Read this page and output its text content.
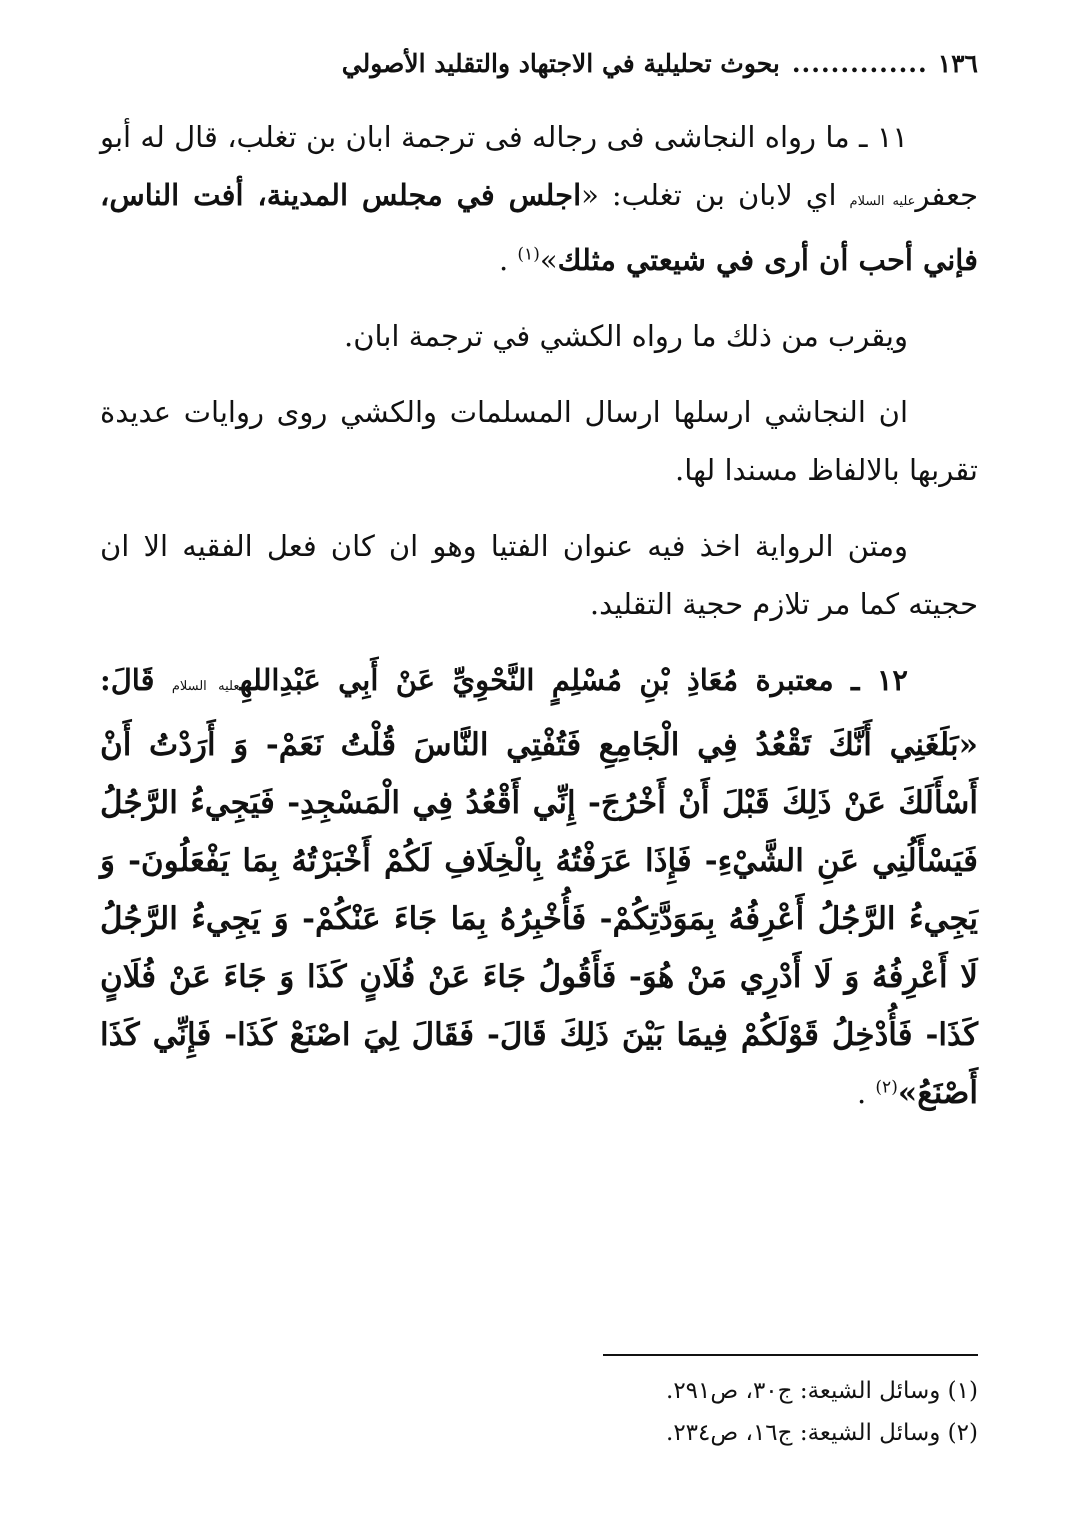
١٣٦
..............
بحوث تحليلية في الاجتهاد والتقليد الأصولي

١١ ـ ما رواه النجاشى فى رجاله فى ترجمة ابان بن تغلب، قال له أبو جعفرعليه السلام اي لابان بن تغلب: «اجلس في مجلس المدينة، أفت الناس، فإني أحب أن أرى في شيعتي مثلك»$^{(١)}$ .

ويقرب من ذلك ما رواه الكشي في ترجمة ابان.

ان النجاشي ارسلها ارسال المسلمات والكشي روى روايات عديدة تقربها بالالفاظ مسندا لها.

ومتن الرواية اخذ فيه عنوان الفتيا وهو ان كان فعل الفقيه الا ان حجيته كما مر تلازم حجية التقليد.

١٢ ـ معتبرة مُعَاذِ بْنِ مُسْلِمٍ النَّحْوِيِّ عَنْ أَبِي عَبْدِاللهِعليه السلام قَالَ: «بَلَغَنِي أَنَّكَ تَقْعُدُ فِي الْجَامِعِ فَتُفْتِي النَّاسَ قُلْتُ نَعَمْ- وَ أَرَدْتُ أَنْ أَسْأَلَكَ عَنْ ذَلِكَ قَبْلَ أَنْ أَخْرُجَ- إِنِّي أَقْعُدُ فِي الْمَسْجِدِ- فَيَجِيءُ الرَّجُلُ فَيَسْأَلُنِي عَنِ الشَّيْءِ- فَإِذَا عَرَفْتُهُ بِالْخِلَافِ لَكُمْ أَخْبَرْتُهُ بِمَا يَفْعَلُونَ- وَ يَجِيءُ الرَّجُلُ أَعْرِفُهُ بِمَوَدَّتِكُمْ- فَأُخْبِرُهُ بِمَا جَاءَ عَنْكُمْ- وَ يَجِيءُ الرَّجُلُ لَا أَعْرِفُهُ وَ لَا أَدْرِي مَنْ هُوَ- فَأَقُولُ جَاءَ عَنْ فُلَانٍ كَذَا وَ جَاءَ عَنْ فُلَانٍ كَذَا- فَأُدْخِلُ قَوْلَكُمْ فِيمَا بَيْنَ ذَلِكَ قَالَ- فَقَالَ لِيَ اصْنَعْ كَذَا- فَإِنِّي كَذَا أَصْنَعُ»$^{(٢)}$ .

(١) وسائل الشيعة: ج٣٠، ص٢٩١.

(٢) وسائل الشيعة: ج١٦، ص٢٣٤.
